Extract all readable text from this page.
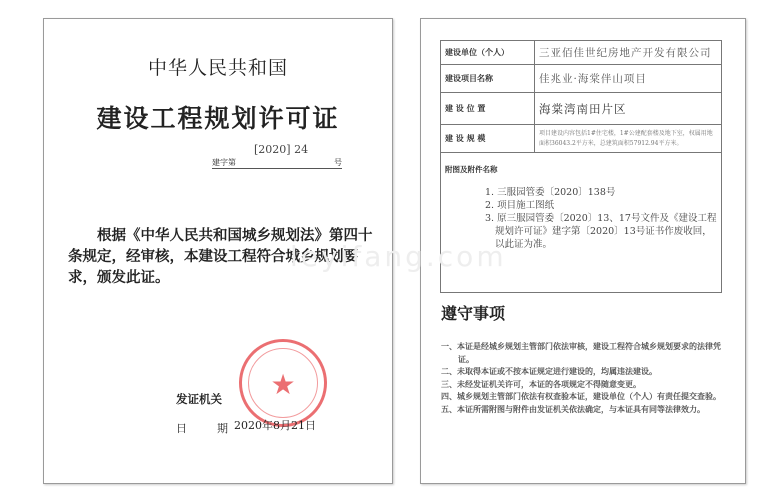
中华人民共和国
建设工程规划许可证
[2020] 24
建字第	号
根据《中华人民共和国城乡规划法》第四十条规定，经审核，本建设工程符合城乡规划要求，颁发此证。
★
发证机关
日	期 2020年8月21日
建设单位（个人）	三亚佰佳世纪房地产开发有限公司
建设项目名称	佳兆业·海棠伴山项目
建 设 位 置	海棠湾南田片区
建 设 规 模	项目建设内容包括1#住宅楼，1#公建配套楼及地下室，权属用地面积36043.2平方米，总建筑面积57912.94平方米。

附图及附件名称
1. 三服园管委〔2020〕138号
2. 项目施工图纸
3. 原三服园管委〔2020〕13、17号文件及《建设工程规划许可证》建字第〔2020〕13号证书作废收回，以此证为准。	
遵守事项
一、本证是经城乡规划主管部门依法审核，建设工程符合城乡规划要求的法律凭证。
二、未取得本证或不按本证规定进行建设的，均属违法建设。
三、未经发证机关许可，本证的各项规定不得随意变更。
四、城乡规划主管部门依法有权查验本证，建设单位（个人）有责任提交查验。
五、本证所需附图与附件由发证机关依法确定，与本证具有同等法律效力。
leyifang.com
